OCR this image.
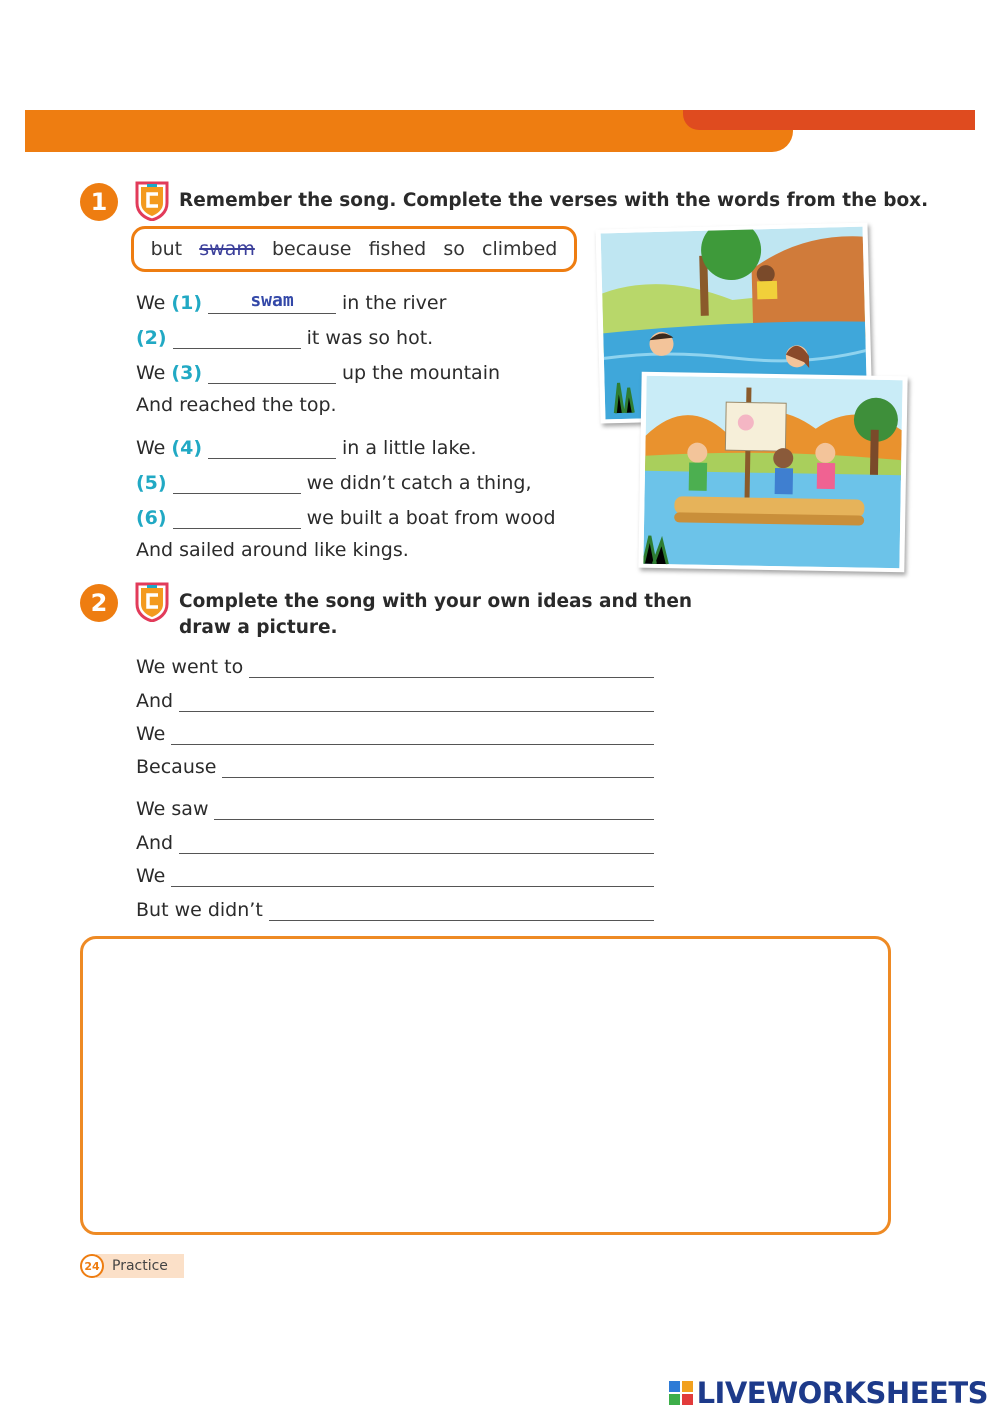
1	Remember the song. Complete the verses with the words from the box.
but swam because fished so climbed
We
(1)	swam	in the river
(2)	it was so hot.
We
(3)	up the mountain
And reached the top.
We
(4)	in a little lake.
(5)	we didn’t catch a thing,
(6)	we built a boat from wood
And sailed around like kings.
2	Complete the song with your own ideas and then
draw a picture.
We went to
And
We
Because
We saw
And
We
But we didn’t
24 Practice
LIVEWORKSHEETS
